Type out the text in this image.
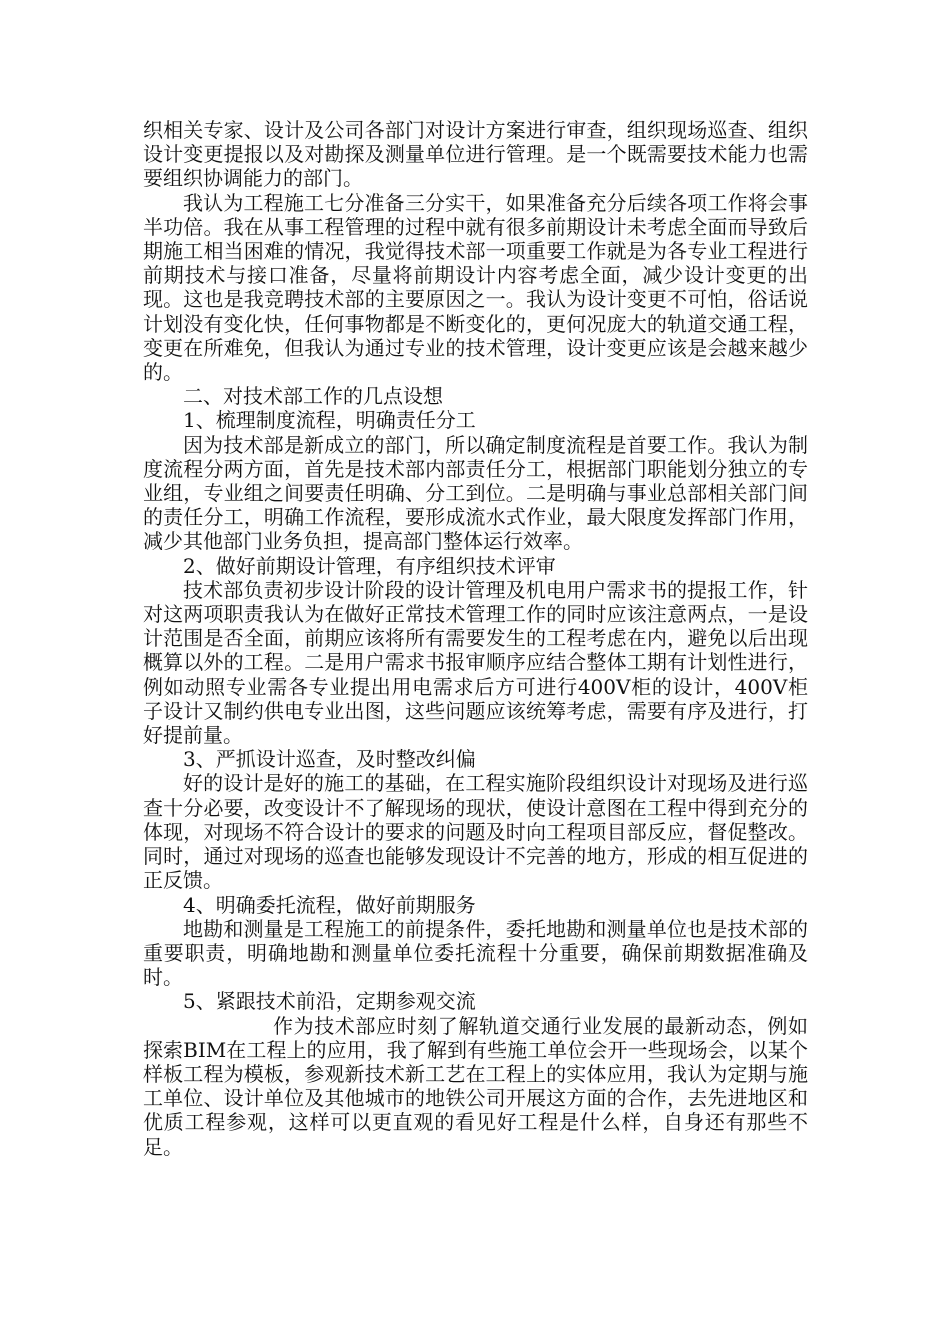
织相关专家、设计及公司各部门对设计方案进行审查，组织现场巡查、组织设计变更提报以及对勘探及测量单位进行管理。是一个既需要技术能力也需要组织协调能力的部门。

我认为工程施工七分准备三分实干，如果准备充分后续各项工作将会事半功倍。我在从事工程管理的过程中就有很多前期设计未考虑全面而导致后期施工相当困难的情况，我觉得技术部一项重要工作就是为各专业工程进行前期技术与接口准备，尽量将前期设计内容考虑全面，减少设计变更的出现。这也是我竞聘技术部的主要原因之一。我认为设计变更不可怕，俗话说计划没有变化快，任何事物都是不断变化的，更何况庞大的轨道交通工程，变更在所难免，但我认为通过专业的技术管理，设计变更应该是会越来越少的。

二、对技术部工作的几点设想

1、梳理制度流程，明确责任分工

因为技术部是新成立的部门，所以确定制度流程是首要工作。我认为制度流程分两方面，首先是技术部内部责任分工，根据部门职能划分独立的专业组，专业组之间要责任明确、分工到位。二是明确与事业总部相关部门间的责任分工，明确工作流程，要形成流水式作业，最大限度发挥部门作用，减少其他部门业务负担，提高部门整体运行效率。

2、做好前期设计管理，有序组织技术评审

技术部负责初步设计阶段的设计管理及机电用户需求书的提报工作，针对这两项职责我认为在做好正常技术管理工作的同时应该注意两点，一是设计范围是否全面，前期应该将所有需要发生的工程考虑在内，避免以后出现概算以外的工程。二是用户需求书报审顺序应结合整体工期有计划性进行，例如动照专业需各专业提出用电需求后方可进行400V柜的设计，400V柜子设计又制约供电专业出图，这些问题应该统筹考虑，需要有序及进行，打好提前量。

3、严抓设计巡查，及时整改纠偏

好的设计是好的施工的基础，在工程实施阶段组织设计对现场及进行巡查十分必要，改变设计不了解现场的现状，使设计意图在工程中得到充分的体现，对现场不符合设计的要求的问题及时向工程项目部反应，督促整改。同时，通过对现场的巡查也能够发现设计不完善的地方，形成的相互促进的正反馈。

4、明确委托流程，做好前期服务

地勘和测量是工程施工的前提条件，委托地勘和测量单位也是技术部的重要职责，明确地勘和测量单位委托流程十分重要，确保前期数据准确及时。

5、紧跟技术前沿，定期参观交流

作为技术部应时刻了解轨道交通行业发展的最新动态，例如探索BIM在工程上的应用，我了解到有些施工单位会开一些现场会，以某个样板工程为模板，参观新技术新工艺在工程上的实体应用，我认为定期与施工单位、设计单位及其他城市的地铁公司开展这方面的合作，去先进地区和优质工程参观，这样可以更直观的看见好工程是什么样，自身还有那些不足。
